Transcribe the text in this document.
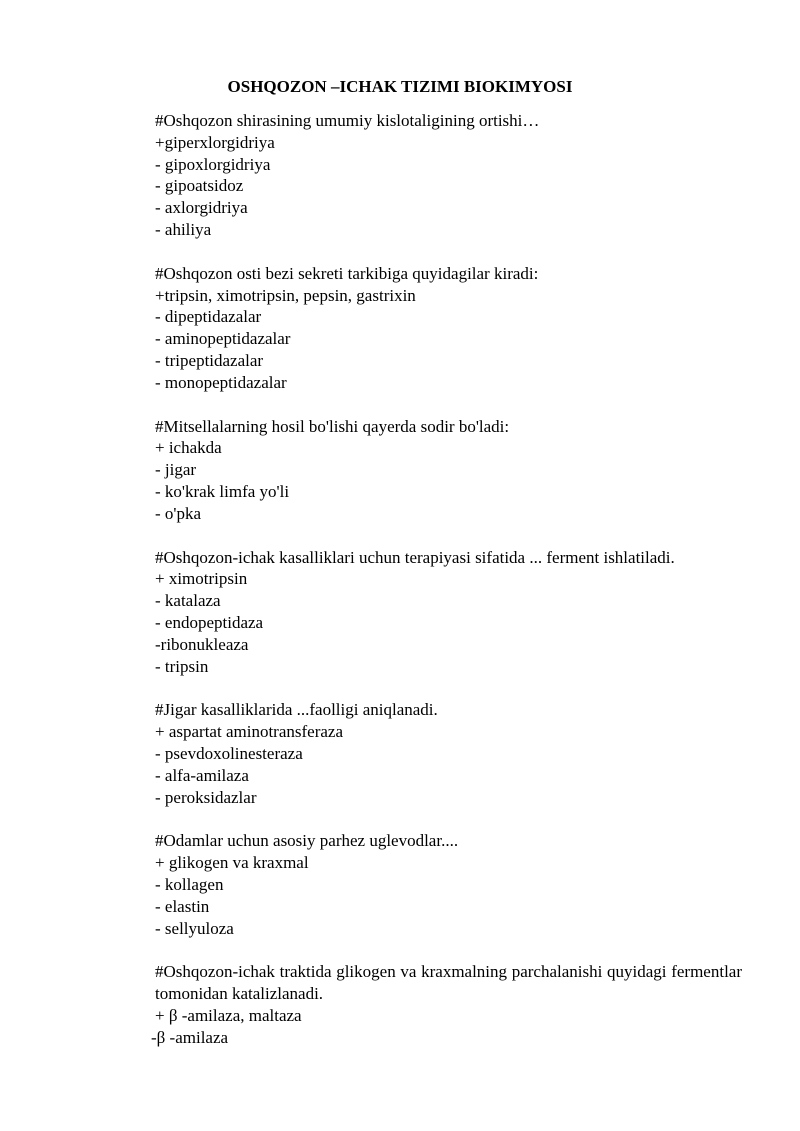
OSHQOZON –ICHAK TIZIMI BIOKIMYOSI
#Oshqozon shirasining umumiy kislotaligining ortishi…
+giperxlorgidriya
- gipoxlorgidriya
- gipoatsidoz
- axlorgidriya
- ahiliya
#Oshqozon osti bezi sekreti tarkibiga quyidagilar kiradi:
+tripsin, ximotripsin, pepsin, gastrixin
- dipeptidazalar
- aminopeptidazalar
- tripeptidazalar
- monopeptidazalar
#Mitsellalarning hosil bo'lishi qayerda sodir bo'ladi:
+ ichakda
- jigar
- ko'krak limfa yo'li
- o'pka
#Oshqozon-ichak kasalliklari uchun terapiyasi sifatida ... ferment ishlatiladi.
+ ximotripsin
- katalaza
- endopeptidaza
-ribonukleaza
- tripsin
#Jigar kasalliklarida ...faolligi aniqlanadi.
+ aspartat aminotransferaza
- psevdoxolinesteraza
- alfa-amilaza
- peroksidazlar
#Odamlar uchun asosiy parhez uglevodlar....
+ glikogen va kraxmal
- kollagen
- elastin
- sellyuloza
#Oshqozon-ichak traktida glikogen va kraxmalning parchalanishi quyidagi fermentlar tomonidan katalizlanadi.
+ β -amilaza, maltaza
-β -amilaza
